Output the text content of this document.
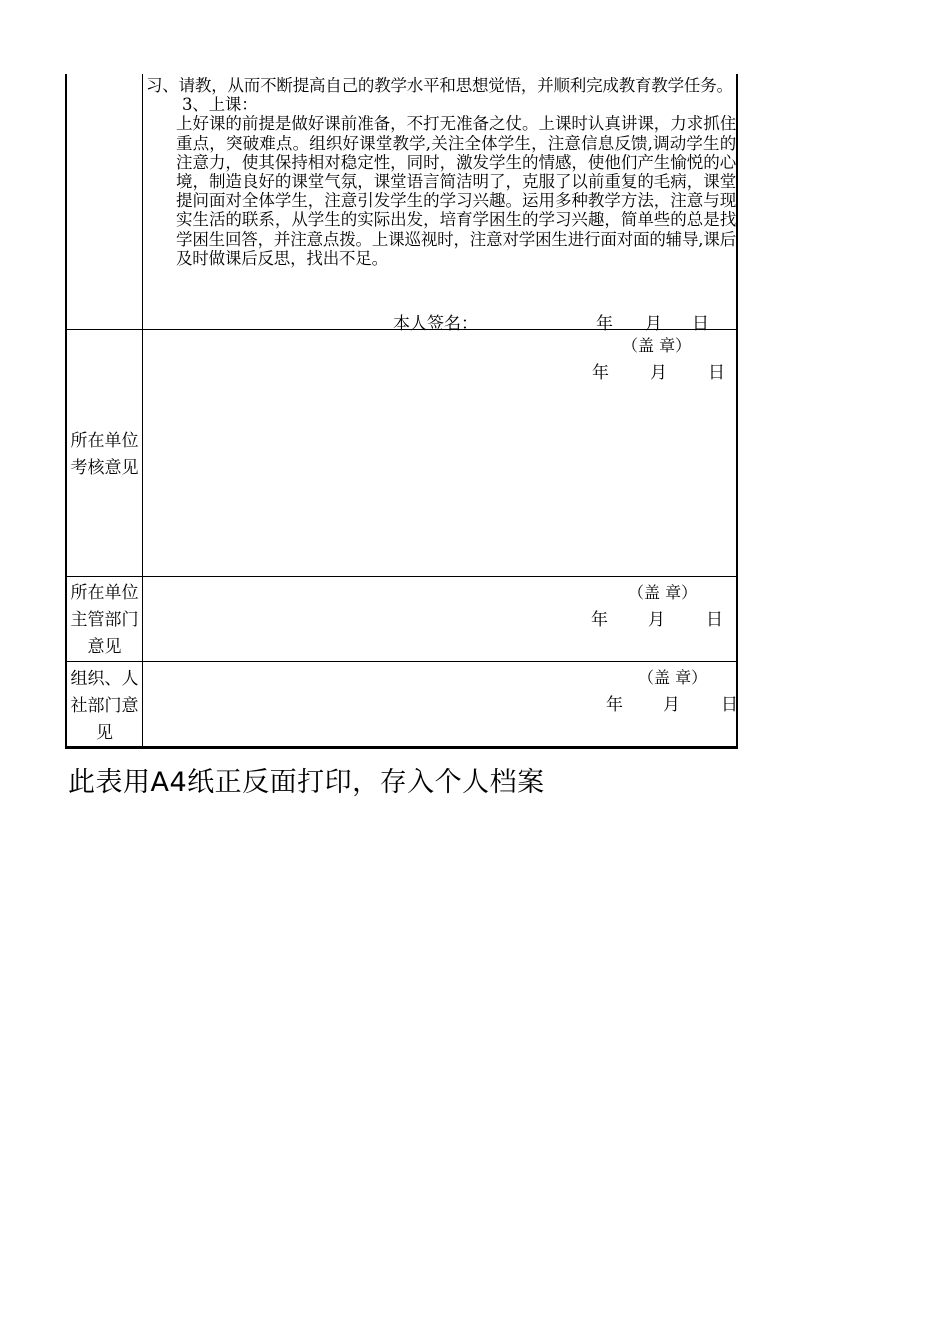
习、请教，从而不断提高自己的教学水平和思想觉悟，并顺利完成教育教学任务。

3、上课：

上好课的前提是做好课前准备，不打无准备之仗。上课时认真讲课，力求抓住重点，突破难点。组织好课堂教学,关注全体学生，注意信息反馈,调动学生的注意力，使其保持相对稳定性，同时，激发学生的情感，使他们产生愉悦的心境，制造良好的课堂气氛，课堂语言简洁明了，克服了以前重复的毛病，课堂提问面对全体学生，注意引发学生的学习兴趣。运用多种教学方法，注意与现实生活的联系，从学生的实际出发，培育学困生的学习兴趣，简单些的总是找学困生回答，并注意点拨。上课巡视时，注意对学困生进行面对面的辅导,课后及时做课后反思，找出不足。

本人签名：	年 月 日
所在单位
考核意见
（盖 章）
年 月 日
所在单位
主管部门
意见
（盖 章）
年 月 日
组织、人
社部门意
见
（盖 章）
年 月 日
此表用A4纸正反面打印，存入个人档案
